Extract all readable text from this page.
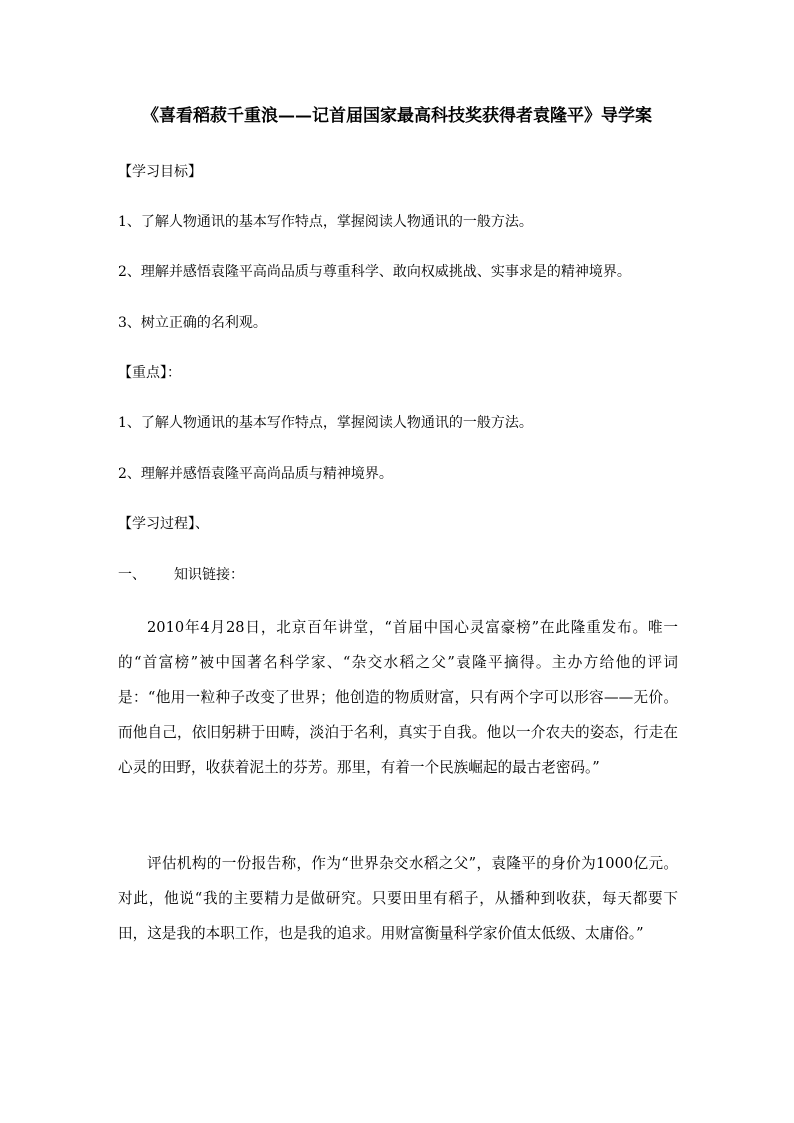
《喜看稻菽千重浪——记首届国家最高科技奖获得者袁隆平》导学案
【学习目标】
1、了解人物通讯的基本写作特点，掌握阅读人物通讯的一般方法。
2、理解并感悟袁隆平高尚品质与尊重科学、敢向权威挑战、实事求是的精神境界。
3、树立正确的名利观。
【重点】：
1、了解人物通讯的基本写作特点，掌握阅读人物通讯的一般方法。
2、理解并感悟袁隆平高尚品质与精神境界。
【学习过程】、
一、 知识链接：
2010年4月28日，北京百年讲堂，“首届中国心灵富豪榜”在此隆重发布。唯一的“首富榜”被中国著名科学家、“杂交水稻之父”袁隆平摘得。主办方给他的评词是：“他用一粒种子改变了世界；他创造的物质财富，只有两个字可以形容——无价。而他自己，依旧躬耕于田畴，淡泊于名利，真实于自我。他以一介农夫的姿态，行走在心灵的田野，收获着泥土的芬芳。那里，有着一个民族崛起的最古老密码。”
评估机构的一份报告称，作为“世界杂交水稻之父”，袁隆平的身价为1000亿元。对此，他说“我的主要精力是做研究。只要田里有稻子，从播种到收获，每天都要下田，这是我的本职工作，也是我的追求。用财富衡量科学家价值太低级、太庸俗。”
